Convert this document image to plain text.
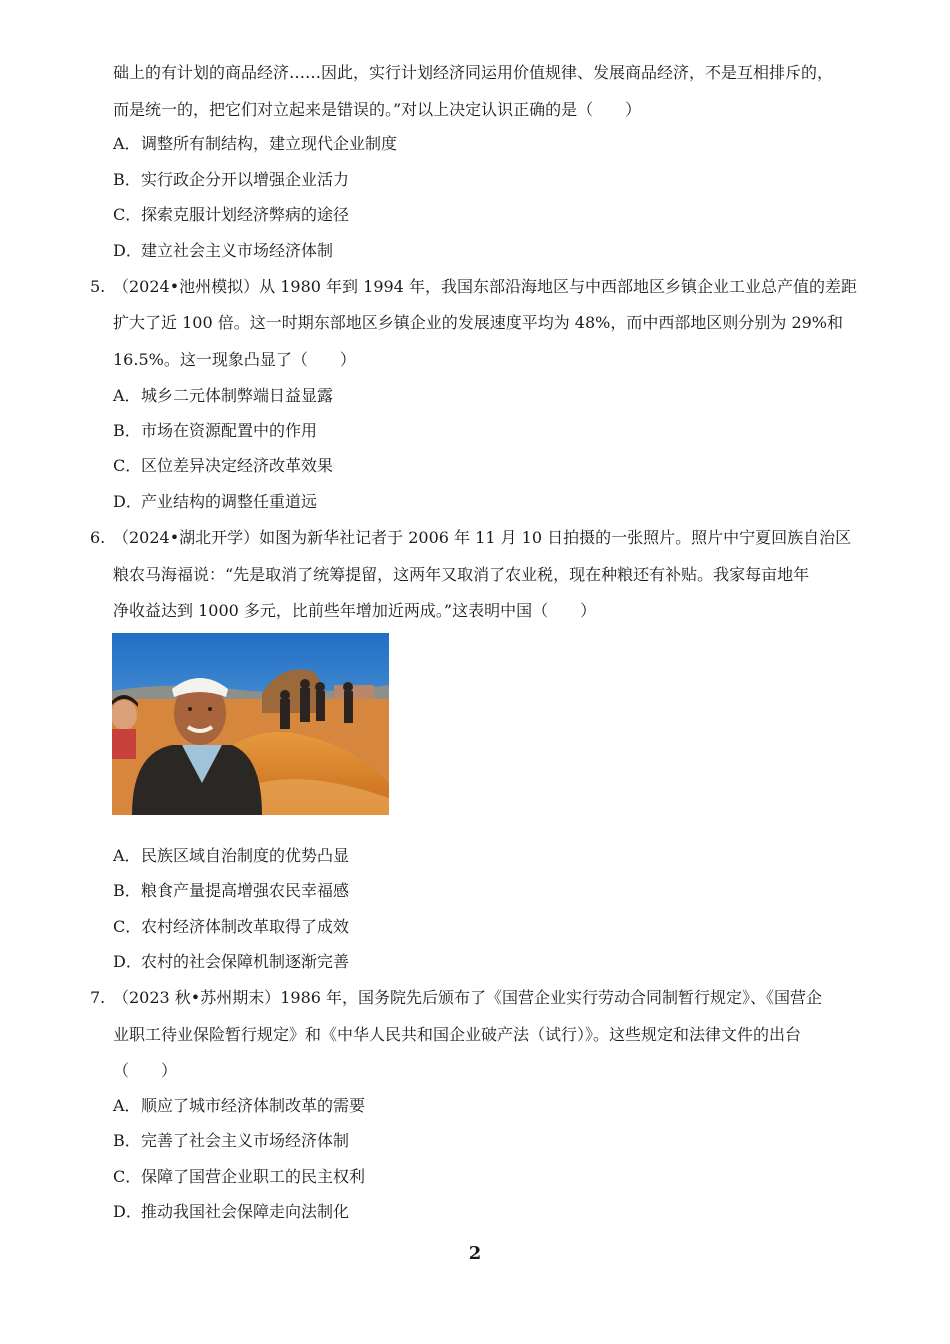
础上的有计划的商品经济……因此，实行计划经济同运用价值规律、发展商品经济，不是互相排斥的，
而是统一的，把它们对立起来是错误的。”对以上决定认识正确的是（　　）
A．调整所有制结构，建立现代企业制度
B．实行政企分开以增强企业活力
C．探索克服计划经济弊病的途径
D．建立社会主义市场经济体制
5. （2024•池州模拟）从 1980 年到 1994 年，我国东部沿海地区与中西部地区乡镇企业工业总产值的差距
扩大了近 100 倍。这一时期东部地区乡镇企业的发展速度平均为 48%，而中西部地区则分别为 29%和
16.5%。这一现象凸显了（　　）
A．城乡二元体制弊端日益显露
B．市场在资源配置中的作用
C．区位差异决定经济改革效果
D．产业结构的调整任重道远
6. （2024•湖北开学）如图为新华社记者于 2006 年 11 月 10 日拍摄的一张照片。照片中宁夏回族自治区
粮农马海福说：“先是取消了统筹提留，这两年又取消了农业税，现在种粮还有补贴。我家每亩地年
净收益达到 1000 多元，比前些年增加近两成。”这表明中国（　　）
A．民族区域自治制度的优势凸显
B．粮食产量提高增强农民幸福感
C．农村经济体制改革取得了成效
D．农村的社会保障机制逐渐完善
7. （2023 秋•苏州期末）1986 年，国务院先后颁布了《国营企业实行劳动合同制暂行规定》、《国营企
业职工待业保险暂行规定》和《中华人民共和国企业破产法（试行）》。这些规定和法律文件的出台
（　　）
A．顺应了城市经济体制改革的需要
B．完善了社会主义市场经济体制
C．保障了国营企业职工的民主权利
D．推动我国社会保障走向法制化
2
